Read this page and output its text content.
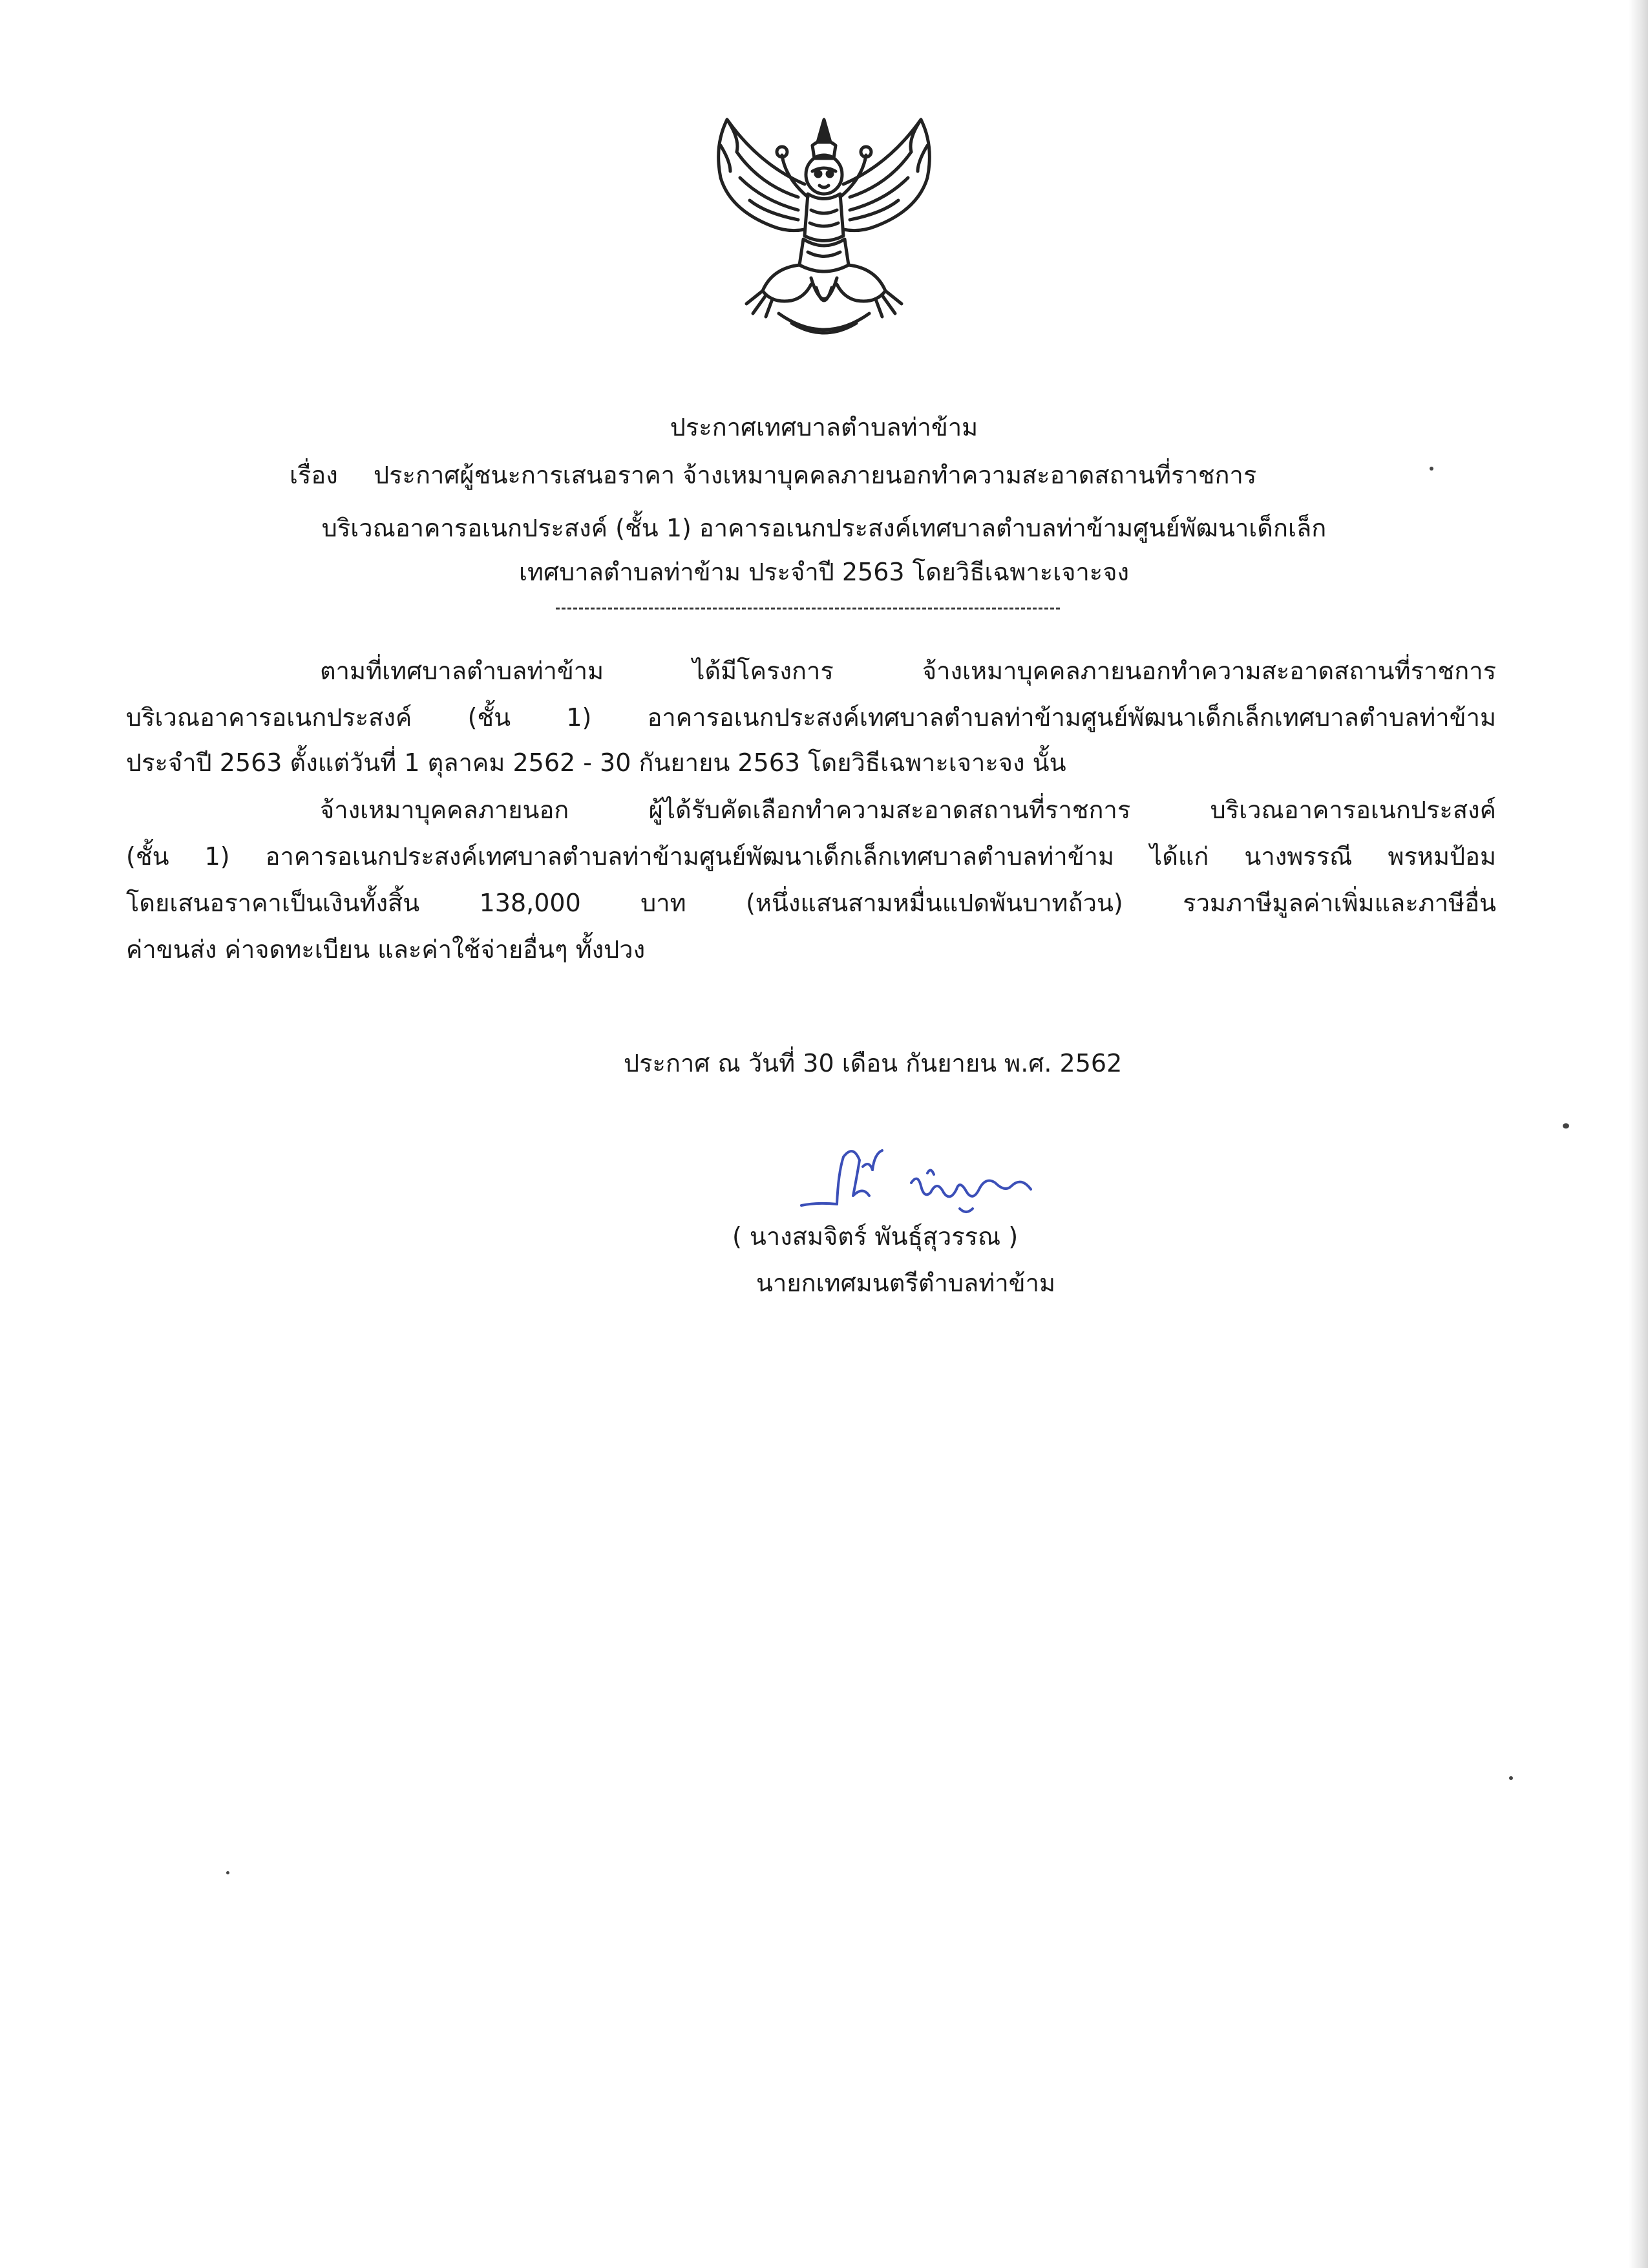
ประกาศเทศบาลตำบลท่าข้าม
เรื่อง ประกาศผู้ชนะการเสนอราคา จ้างเหมาบุคคลภายนอกทำความสะอาดสถานที่ราชการ
บริเวณอาคารอเนกประสงค์ (ชั้น 1) อาคารอเนกประสงค์เทศบาลตำบลท่าข้ามศูนย์พัฒนาเด็กเล็ก
เทศบาลตำบลท่าข้าม ประจำปี 2563 โดยวิธีเฉพาะเจาะจง
ตามที่เทศบาลตำบลท่าข้าม ได้มีโครงการ จ้างเหมาบุคคลภายนอกทำความสะอาดสถานที่ราชการ
บริเวณอาคารอเนกประสงค์ (ชั้น 1) อาคารอเนกประสงค์เทศบาลตำบลท่าข้ามศูนย์พัฒนาเด็กเล็กเทศบาลตำบลท่าข้าม
ประจำปี 2563 ตั้งแต่วันที่ 1 ตุลาคม 2562 - 30 กันยายน 2563 โดยวิธีเฉพาะเจาะจง นั้น
จ้างเหมาบุคคลภายนอก ผู้ได้รับคัดเลือกทำความสะอาดสถานที่ราชการ บริเวณอาคารอเนกประสงค์
(ชั้น 1) อาคารอเนกประสงค์เทศบาลตำบลท่าข้ามศูนย์พัฒนาเด็กเล็กเทศบาลตำบลท่าข้าม ได้แก่ นางพรรณี พรหมป้อม
โดยเสนอราคาเป็นเงินทั้งสิ้น 138,000 บาท (หนึ่งแสนสามหมื่นแปดพันบาทถ้วน) รวมภาษีมูลค่าเพิ่มและภาษีอื่น
ค่าขนส่ง ค่าจดทะเบียน และค่าใช้จ่ายอื่นๆ ทั้งปวง
ประกาศ ณ วันที่ 30 เดือน กันยายน พ.ศ. 2562
( นางสมจิตร์ พันธุ์สุวรรณ )
นายกเทศมนตรีตำบลท่าข้าม
